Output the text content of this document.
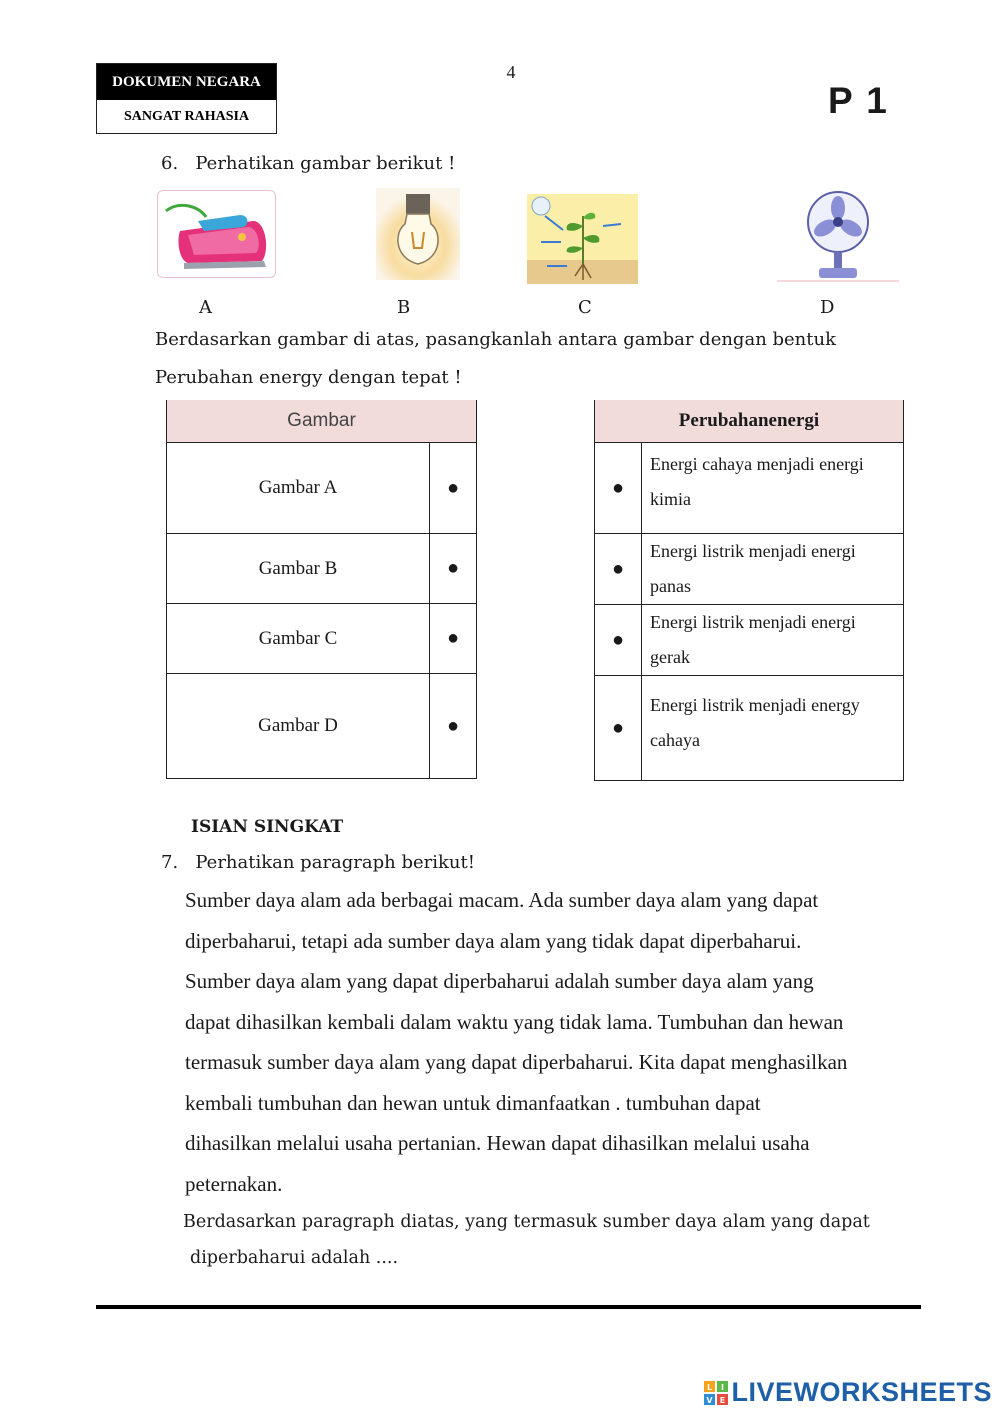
DOKUMEN NEGARA
SANGAT RAHASIA
4
P 1
6. Perhatikan gambar berikut !
A	B	C	D
Berdasarkan gambar di atas, pasangkanlah antara gambar dengan bentuk
Perubahan energy dengan tepat !
Gambar	
Gambar A	●
Gambar B	●
Gambar C	●
Gambar D	●
Perubahanenergi	
●	Energi cahaya menjadi energi
kimia

●	Energi listrik menjadi energi
panas

●	Energi listrik menjadi energi
gerak

●	Energi listrik menjadi energy
cahaya
ISIAN SINGKAT
7. Perhatikan paragraph berikut!
Sumber daya alam ada berbagai macam. Ada sumber daya alam yang dapat
diperbaharui, tetapi ada sumber daya alam yang tidak dapat diperbaharui.
Sumber daya alam yang dapat diperbaharui adalah sumber daya alam yang
dapat dihasilkan kembali dalam waktu yang tidak lama. Tumbuhan dan hewan
termasuk sumber daya alam yang dapat diperbaharui. Kita dapat menghasilkan
kembali tumbuhan dan hewan untuk dimanfaatkan . tumbuhan dapat
dihasilkan melalui usaha pertanian. Hewan dapat dihasilkan melalui usaha
peternakan.
Berdasarkan paragraph diatas, yang termasuk sumber daya alam yang dapat
diperbaharui adalah ....
L I
V E LIVEWORKSHEETS
